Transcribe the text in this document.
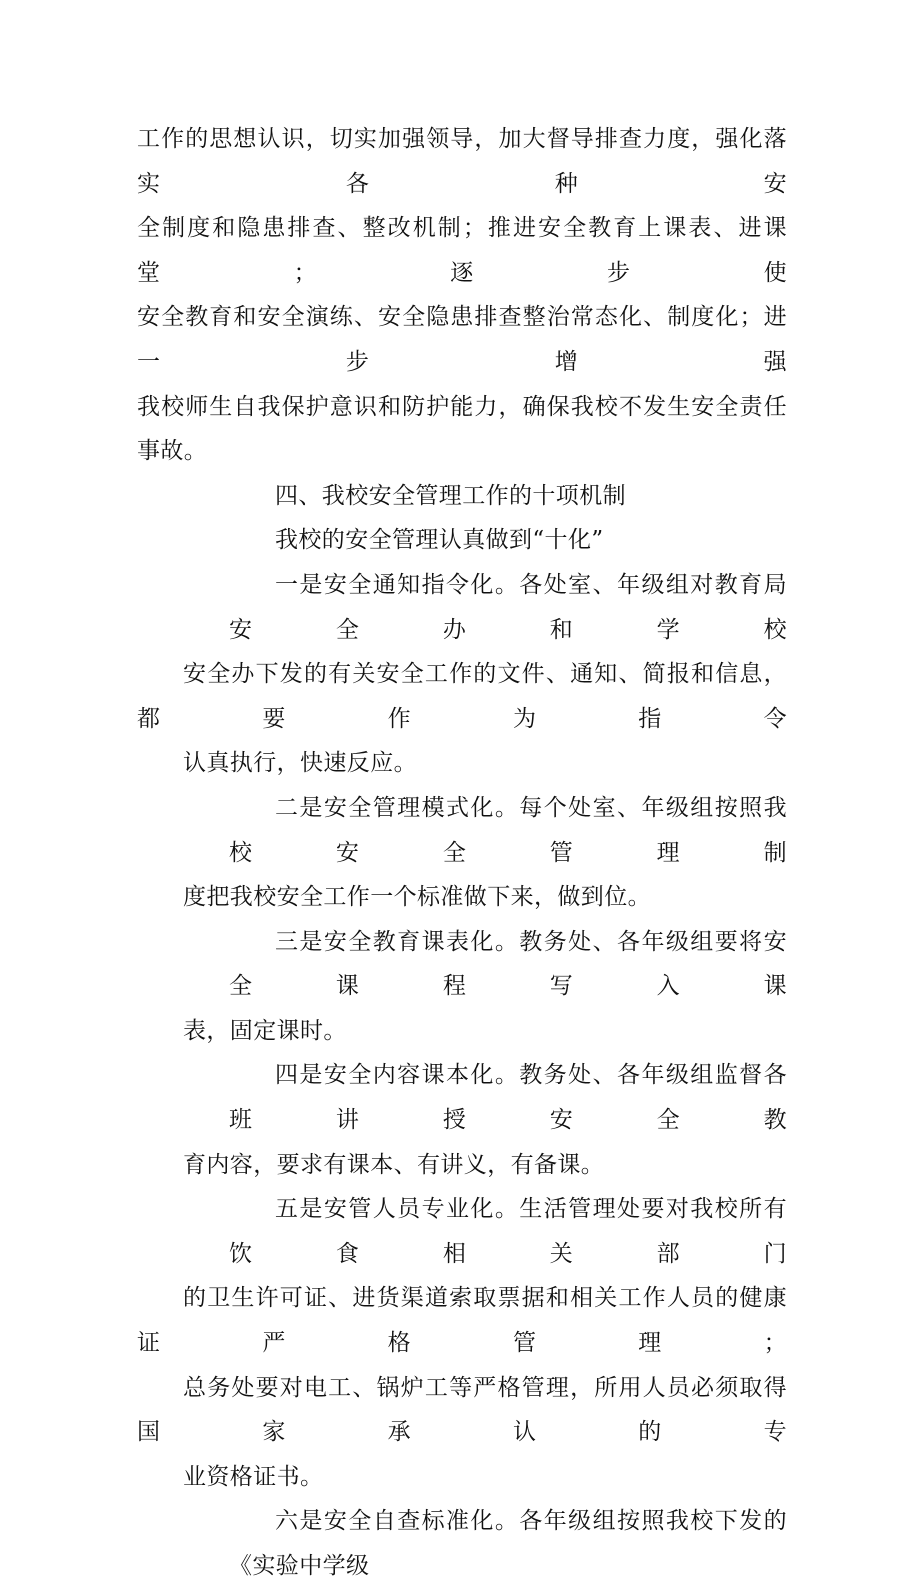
工作的思想认识，切实加强领导，加大督导排查力度，强化落实各种安
全制度和隐患排查、整改机制；推进安全教育上课表、进课堂；逐步使
安全教育和安全演练、安全隐患排查整治常态化、制度化；进一步增强
我校师生自我保护意识和防护能力，确保我校不发生安全责任事故。

四、我校安全管理工作的十项机制

我校的安全管理认真做到“十化”

一是安全通知指令化。各处室、年级组对教育局安全办和学校
安全办下发的有关安全工作的文件、通知、简报和信息，都要作为指令
认真执行，快速反应。

二是安全管理模式化。每个处室、年级组按照我校安全管理制
度把我校安全工作一个标准做下来，做到位。

三是安全教育课表化。教务处、各年级组要将安全课程写入课
表，固定课时。

四是安全内容课本化。教务处、各年级组监督各班讲授安全教
育内容，要求有课本、有讲义，有备课。

五是安管人员专业化。生活管理处要对我校所有饮食相关部门
的卫生许可证、进货渠道索取票据和相关工作人员的健康证严格管理；
总务处要对电工、锅炉工等严格管理，所用人员必须取得国家承认的专
业资格证书。

六是安全自查标准化。各年级组按照我校下发的《实验中学级
